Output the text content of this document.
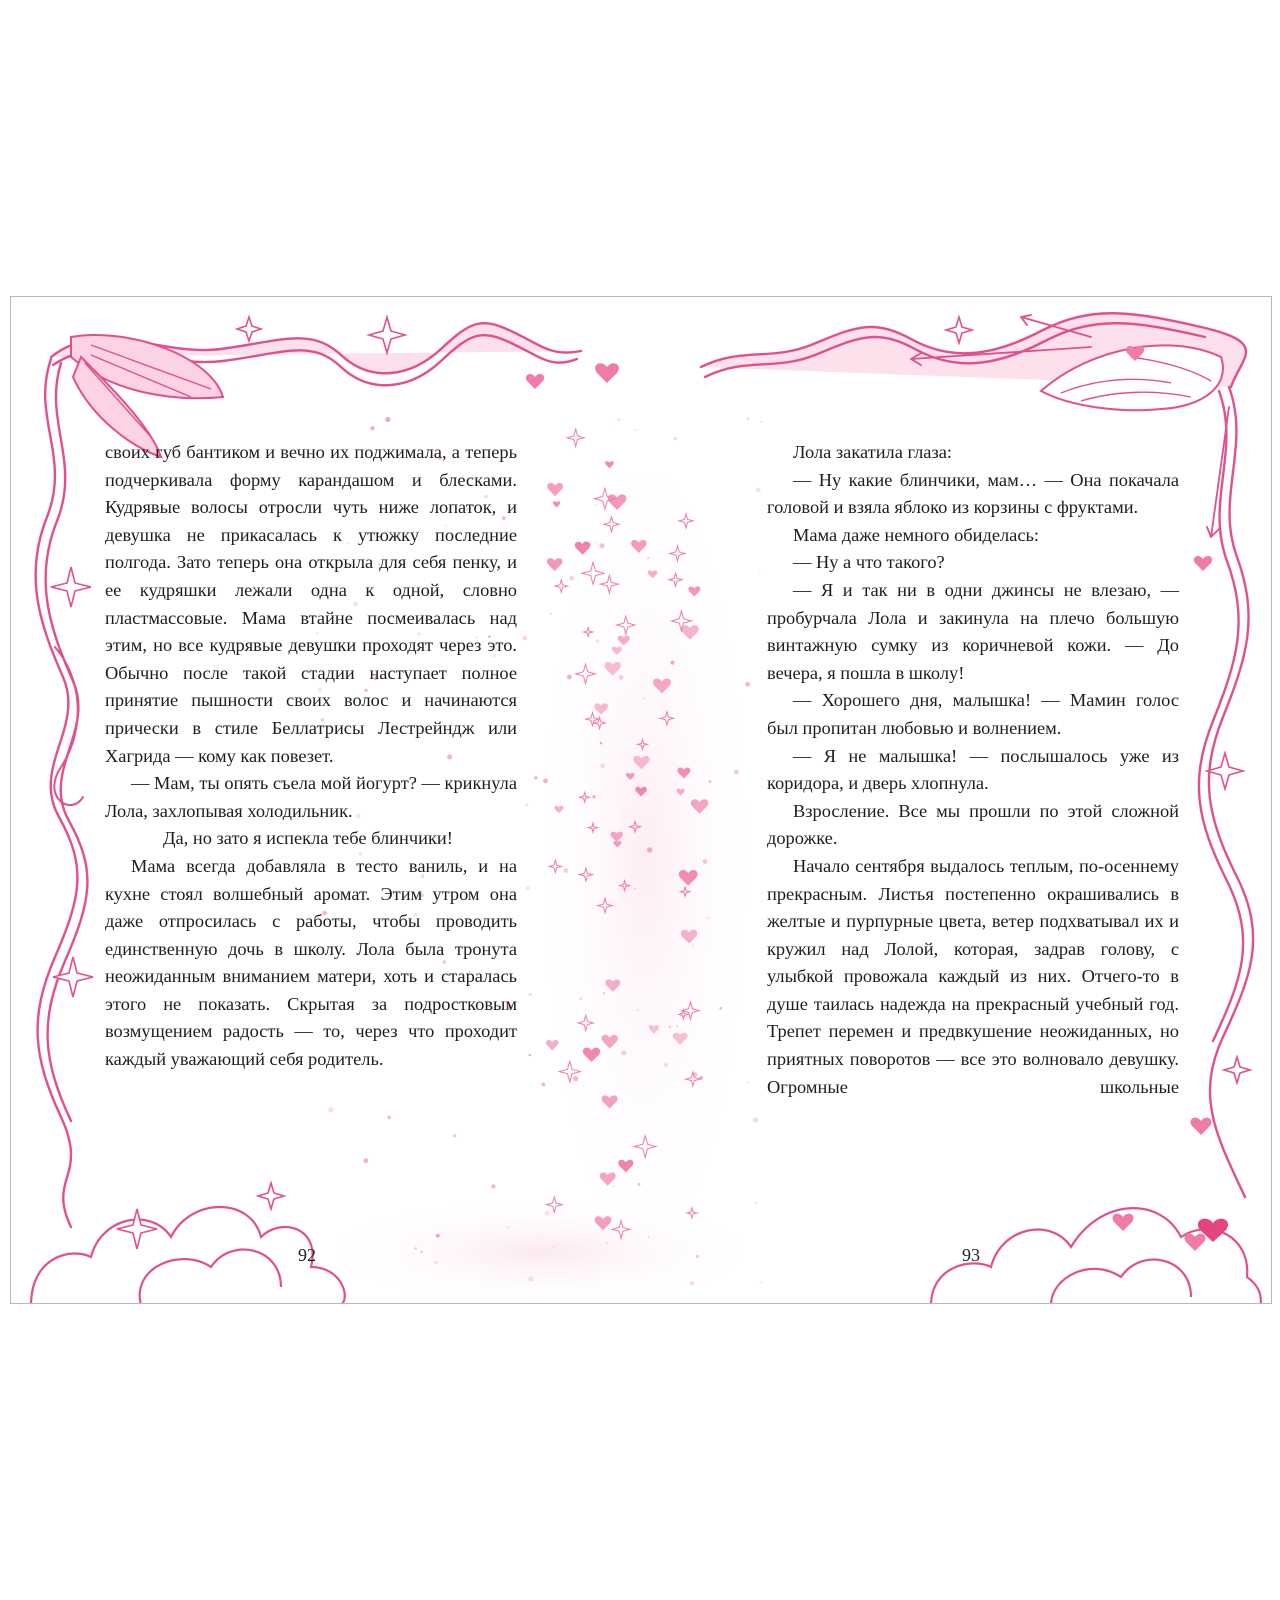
своих губ бантиком и вечно их поджимала, а теперь подчеркивала форму карандашом и блесками. Кудрявые волосы отросли чуть ниже лопаток, и девушка не прикасалась к утюжку последние полгода. Зато теперь она открыла для себя пенку, и ее кудряшки лежали одна к одной, словно пластмассовые. Мама втайне посмеивалась над этим, но все кудрявые девушки проходят через это. Обычно после такой стадии наступает полное принятие пышности своих волос и начинаются прически в стиле Беллатрисы Лестрейндж или Хагрида — кому как повезет.

— Мам, ты опять съела мой йогурт? — крикнула Лола, захлопывая холодильник.

Да, но зато я испекла тебе блинчики!

Мама всегда добавляла в тесто ваниль, и на кухне стоял волшебный аромат. Этим утром она даже отпросилась с работы, чтобы проводить единственную дочь в школу. Лола была тронута неожиданным вниманием матери, хоть и старалась этого не показать. Скрытая за подростковым возмущением радость — то, через что проходит каждый уважающий себя родитель.

Лола закатила глаза:

— Ну какие блинчики, мам… — Она покачала головой и взяла яблоко из корзины с фруктами.

Мама даже немного обиделась:

— Ну а что такого?

— Я и так ни в одни джинсы не влезаю, — пробурчала Лола и закинула на плечо большую винтажную сумку из коричневой кожи. — До вечера, я пошла в школу!

— Хорошего дня, малышка! — Мамин голос был пропитан любовью и волнением.

— Я не малышка! — послышалось уже из коридора, и дверь хлопнула.

Взросление. Все мы прошли по этой сложной дорожке.

Начало сентября выдалось теплым, по-осеннему прекрасным. Листья постепенно окрашивались в желтые и пурпурные цвета, ветер подхватывал их и кружил над Лолой, которая, задрав голову, с улыбкой провожала каждый из них. Отчего-то в душе таилась надежда на прекрасный учебный год. Трепет перемен и предвкушение неожиданных, но приятных поворотов — все это волновало девушку. Огромные школьные

92	93
